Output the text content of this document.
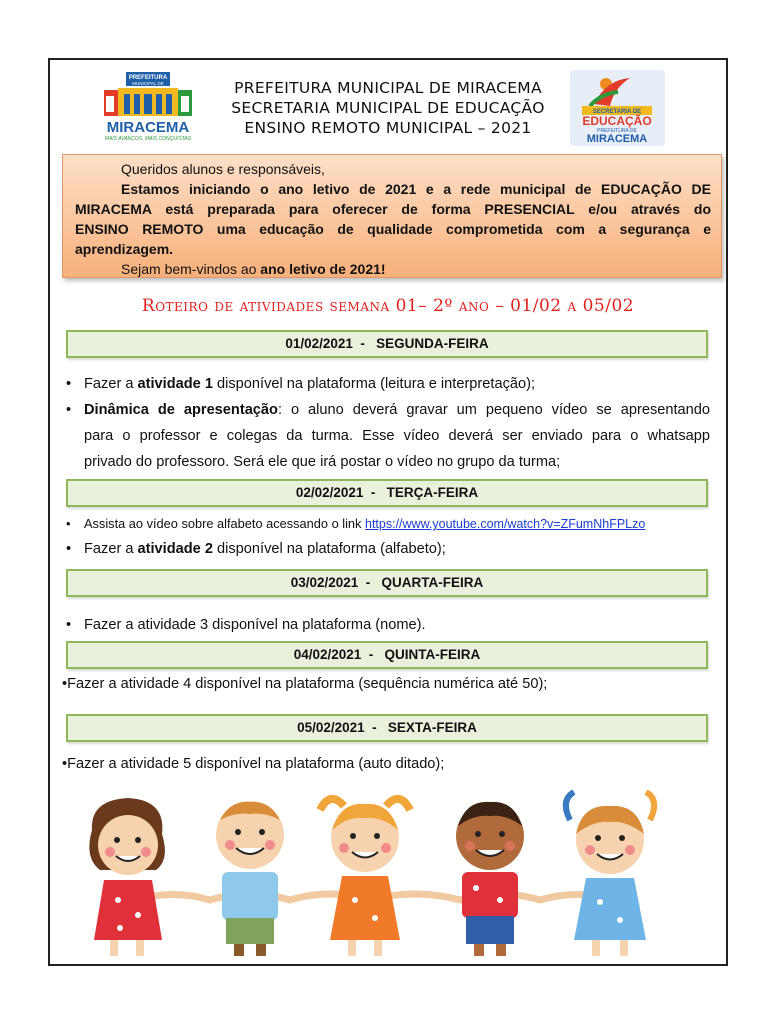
PREFEITURA
MUNICIPAL DE
MIRACEMA
MAIS AVANÇOS, MAIS CONQUISTAS
PREFEITURA MUNICIPAL DE MIRACEMA
SECRETARIA MUNICIPAL DE EDUCAÇÃO
ENSINO REMOTO MUNICIPAL – 2021
SECRETARIA DE
EDUCAÇÃO
PREFEITURA DE
MIRACEMA

Queridos alunos e responsáveis,

Estamos iniciando o ano letivo de 2021 e a rede municipal de EDUCAÇÃO DE

MIRACEMA está preparada para oferecer de forma PRESENCIAL e/ou através do

ENSINO REMOTO uma educação de qualidade comprometida com a segurança e

aprendizagem.

Sejam bem-vindos ao ano letivo de 2021!

Roteiro de atividades semana 01– 2º ano – 01/02 a 05/02
01/02/2021  -   SEGUNDA-FEIRA
• Fazer a atividade 1 disponível na plataforma (leitura e interpretação);
• Dinâmica de apresentação: o aluno deverá gravar um pequeno vídeo se apresentando
para o professor e colegas da turma. Esse vídeo deverá ser enviado para o whatsapp
privado do professoro. Será ele que irá postar o vídeo no grupo da turma;
02/02/2021  -   TERÇA-FEIRA
• Assista ao vídeo sobre alfabeto acessando o link https://www.youtube.com/watch?v=ZFumNhFPLzo
• Fazer a atividade 2 disponível na plataforma (alfabeto);
03/02/2021  -   QUARTA-FEIRA
• Fazer a atividade 3 disponível na plataforma (nome).
04/02/2021  -   QUINTA-FEIRA
•Fazer a atividade 4 disponível na plataforma (sequência numérica até 50);
05/02/2021  -   SEXTA-FEIRA
•Fazer a atividade 5 disponível na plataforma (auto ditado);
